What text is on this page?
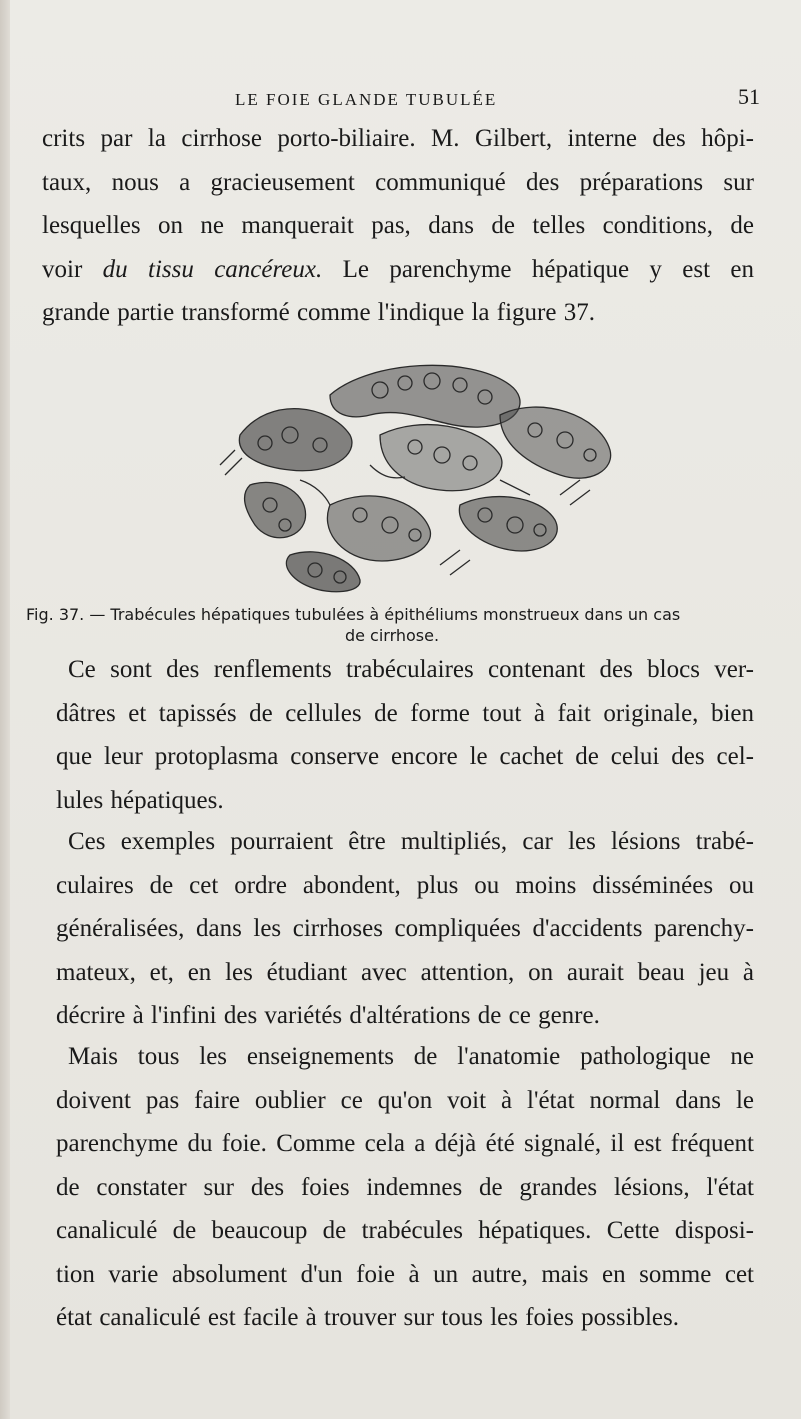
LE FOIE GLANDE TUBULÉE	51
crits par la cirrhose porto-biliaire. M. Gilbert, interne des hôpi-
taux, nous a gracieusement communiqué des préparations sur
lesquelles on ne manquerait pas, dans de telles conditions, de
voir du tissu cancéreux. Le parenchyme hépatique y est en
grande partie transformé comme l'indique la figure 37.
Fig. 37. — Trabécules hépatiques tubulées à épithéliums monstrueux dans un cas
de cirrhose.
Ce sont des renflements trabéculaires contenant des blocs ver-
dâtres et tapissés de cellules de forme tout à fait originale, bien
que leur protoplasma conserve encore le cachet de celui des cel-
lules hépatiques.
Ces exemples pourraient être multipliés, car les lésions trabé-
culaires de cet ordre abondent, plus ou moins disséminées ou
généralisées, dans les cirrhoses compliquées d'accidents parenchy-
mateux, et, en les étudiant avec attention, on aurait beau jeu à
décrire à l'infini des variétés d'altérations de ce genre.
Mais tous les enseignements de l'anatomie pathologique ne
doivent pas faire oublier ce qu'on voit à l'état normal dans le
parenchyme du foie. Comme cela a déjà été signalé, il est fréquent
de constater sur des foies indemnes de grandes lésions, l'état
canaliculé de beaucoup de trabécules hépatiques. Cette disposi-
tion varie absolument d'un foie à un autre, mais en somme cet
état canaliculé est facile à trouver sur tous les foies possibles.
